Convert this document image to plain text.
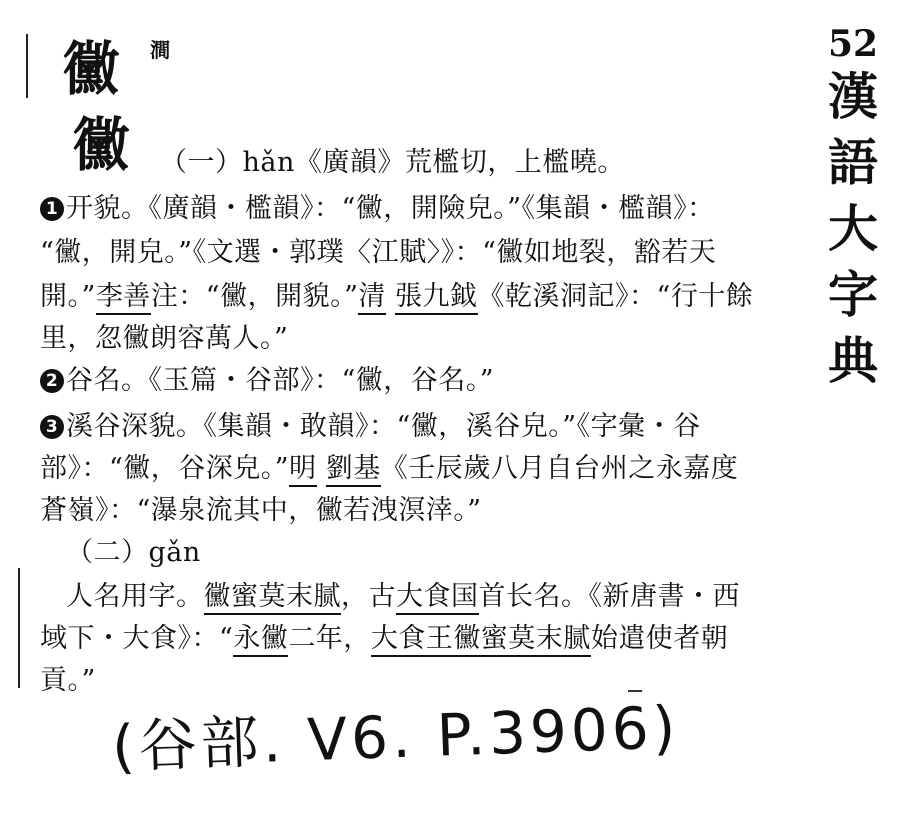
黴 澗
黴
52
漢
語
大
字
典
（一）hǎn《廣韻》荒檻切，上檻曉。
1 开貌。《廣韻・檻韻》：“黴，開險皃。”《集韻・檻韻》：
“黴，開皃。”《文選・郭璞〈江賦〉》：“黴如地裂，豁若天
開。”李善注：“黴，開貌。”清 張九鉞《乾溪洞記》：“行十餘
里，忽黴朗容萬人。”
2 谷名。《玉篇・谷部》：“黴，谷名。”
3 溪谷深貌。《集韻・敢韻》：“黴，溪谷皃。”《字彙・谷
部》：“黴，谷深皃。”明 劉基《壬辰歲八月自台州之永嘉度
蒼嶺》：“瀑泉流其中，黴若洩溟涬。”
（二）gǎn
人名用字。黴蜜莫末腻，古大食国首长名。《新唐書・西
域下・大食》：“永黴二年，大食王黴蜜莫末腻始遣使者朝
貢。”
(谷部. V6. P.3906)
